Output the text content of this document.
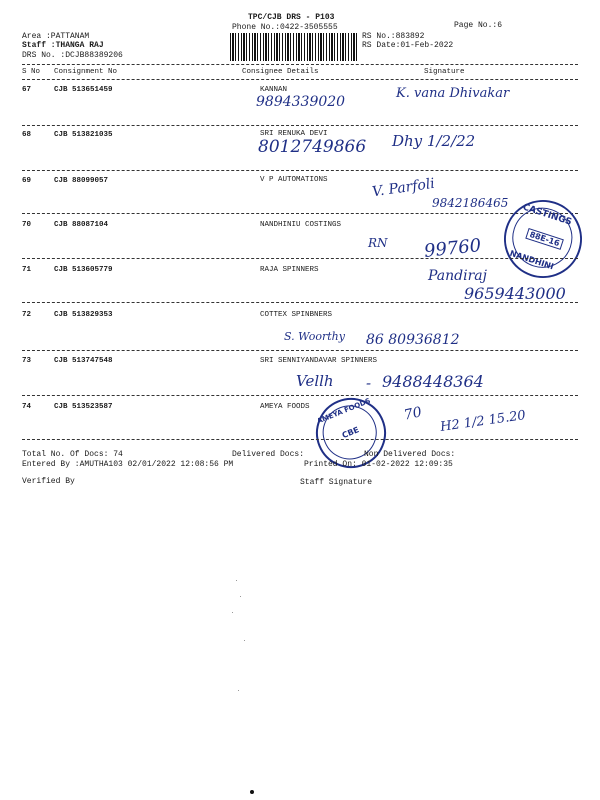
TPC/CJB DRS - P103
Phone No.:0422-3505555	Page No.:6
Area :PATTANAM
Staff :THANGA RAJ
DRS No. :DCJB88389206
RS No.:883892
RS Date:01-Feb-2022
S No Consignment No	Consignee Details	Signature
67	CJB 513651459	KANNAN
9894339020
K. vana Dhivakar
68	CJB 513821035	SRI RENUKA DEVI
8012749866 Dhy 1/2/22
69	CJB 88099057	V P AUTOMATIONS	V. Parfoli
9842186465
70	CJB 88087104	NANDHINIU COSTINGS
RN 99760
CASTINGS
88E-16
NANDHINI
71	CJB 513605779	RAJA SPINNERS	Pandiraj
9659443000
72	CJB 513829353	COTTEX SPINBNERS
S. Woorthy 86 80936812
73	CJB 513747548	SRI SENNIYANDAVAR SPINNERS
Vellh - 9488448364
74	CJB 513523587	AMEYA FOODS	70 H2 1/2 15.20
AMEYA FOODS
CBE
Total No. Of Docs: 74	Delivered Docs:	Non Delivered Docs:
Entered By :AMUTHA103 02/01/2022 12:08:56 PM	Printed On: 01-02-2022 12:09:35
Verified By	Staff Signature
